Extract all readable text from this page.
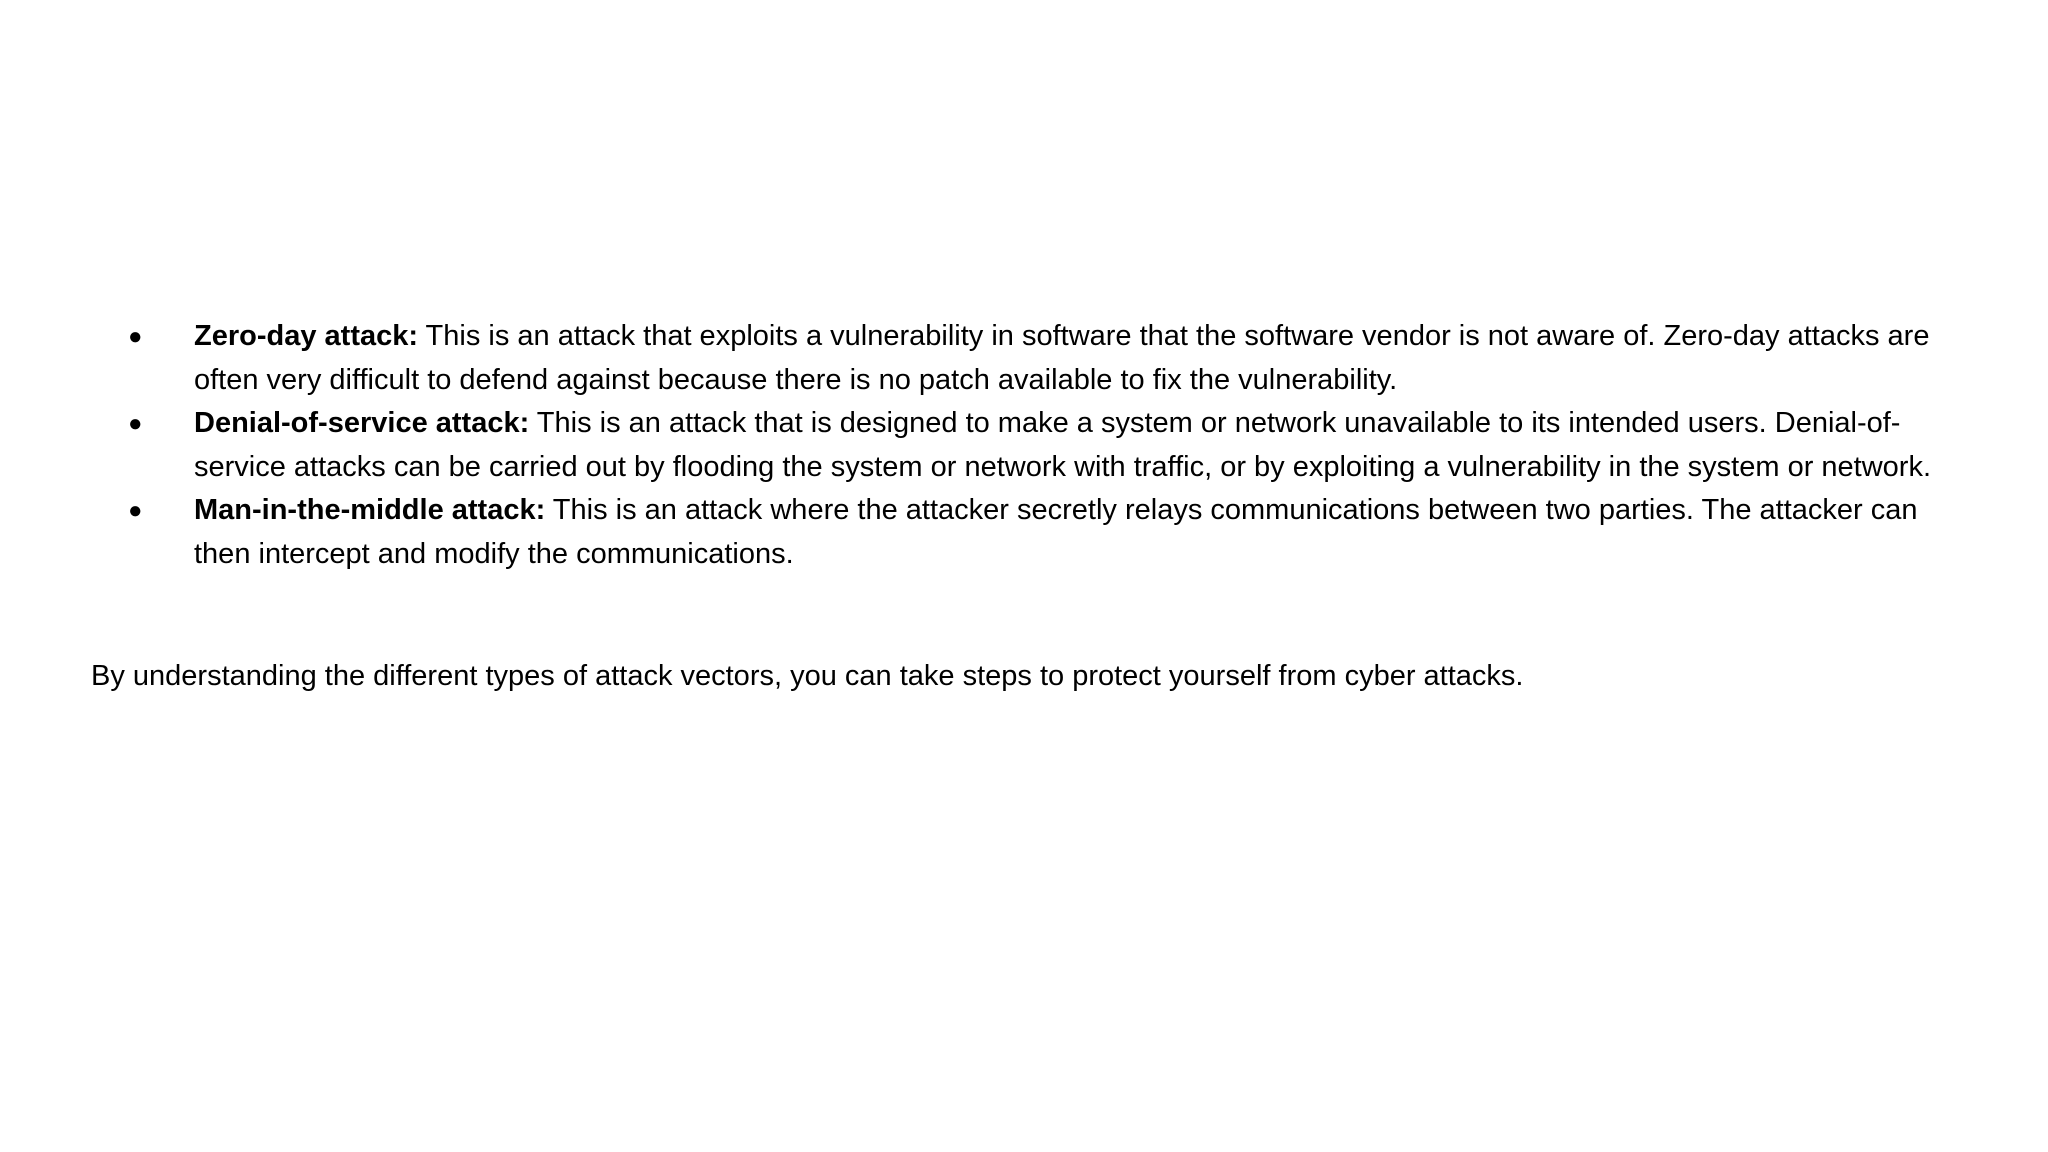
●	Zero-day attack: This is an attack that exploits a vulnerability in software that the software vendor is not aware of. Zero-day attacks are often very difficult to defend against because there is no patch available to fix the vulnerability.
●	Denial-of-service attack: This is an attack that is designed to make a system or network unavailable to its intended users. Denial-of-service attacks can be carried out by flooding the system or network with traffic, or by exploiting a vulnerability in the system or network.
●	Man-in-the-middle attack: This is an attack where the attacker secretly relays communications between two parties. The attacker can then intercept and modify the communications.

By understanding the different types of attack vectors, you can take steps to protect yourself from cyber attacks.
